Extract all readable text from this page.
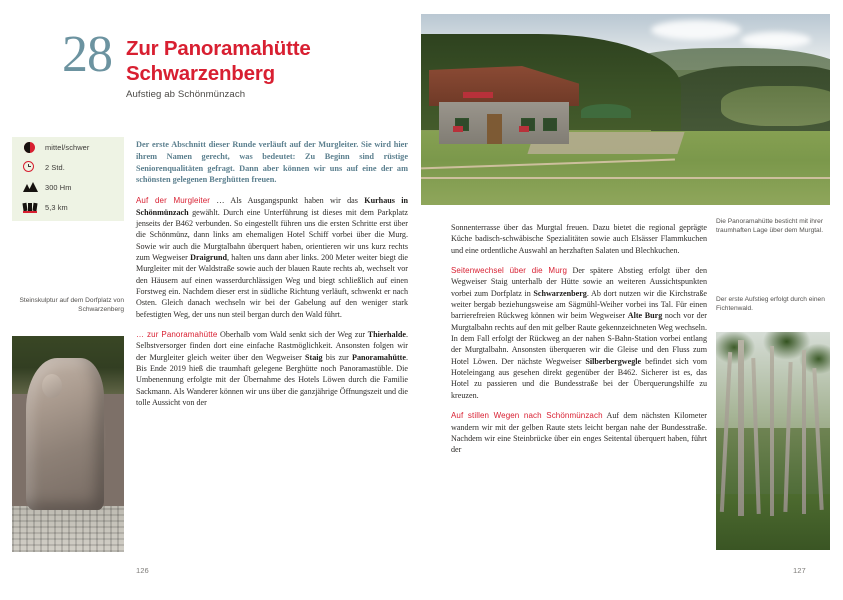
28 Zur Panoramahütte
Schwarzenberg
Aufstieg ab Schönmünzach
mittel/schwer
2 Std.
300 Hm
5,3 km
Steinskulptur auf dem Dorfplatz von Schwarzenberg

Der erste Abschnitt dieser Runde verläuft auf der Murgleiter. Sie wird hier ihrem Namen gerecht, was bedeutet: Zu Beginn sind rüstige Seniorenqualitäten gefragt. Dann aber können wir uns auf eine der am schönsten gelegenen Berghütten freuen.

Auf der Murgleiter … Als Ausgangspunkt haben wir das Kurhaus in Schönmünzach gewählt. Durch eine Unterführung ist dieses mit dem Parkplatz jenseits der B462 verbunden. So eingestellt führen uns die ersten Schritte erst über die Schönmünz, dann links am ehemaligen Hotel Schiff vorbei über die Murg. Sowie wir auch die Murgtalbahn überquert haben, orientieren wir uns kurz rechts zum Wegweiser Draigrund, halten uns dann aber links. 200 Meter weiter biegt die Murgleiter mit der Waldstraße sowie auch der blauen Raute rechts ab, wechselt vor den Häusern auf einen wasserdurchlässigen Weg und biegt schließlich auf einen Forstweg ein. Nachdem dieser erst in südliche Richtung verläuft, schwenkt er nach Osten. Gleich danach wechseln wir bei der Gabelung auf den weniger stark befestigten Weg, der uns nun steil bergan durch den Wald führt.

… zur Panoramahütte Oberhalb vom Wald senkt sich der Weg zur Thierhalde. Selbstversorger finden dort eine einfache Rastmöglichkeit. Ansonsten folgen wir der Murgleiter gleich weiter über den Wegweiser Staig bis zur Panoramahütte. Bis Ende 2019 hieß die traumhaft gelegene Berghütte noch Panoramastüble. Die Umbenennung erfolgte mit der Übernahme des Hotels Löwen durch die Familie Sackmann. Als Wanderer können wir uns über die ganzjährige Öffnungszeit und die tolle Aussicht von der

126
Die Panoramahütte besticht mit ihrer traumhaften Lage über dem Murgtal.
Der erste Aufstieg erfolgt durch einen Fichtenwald.

Sonnenterrasse über das Murgtal freuen. Dazu bietet die regional geprägte Küche badisch-schwäbische Spezialitäten sowie auch Elsässer Flammkuchen und eine ordentliche Auswahl an herzhaften Salaten und Blechkuchen.

Seitenwechsel über die Murg Der spätere Abstieg erfolgt über den Wegweiser Staig unterhalb der Hütte sowie an weiteren Aussichtspunkten vorbei zum Dorfplatz in Schwarzenberg. Ab dort nutzen wir die Kirchstraße weiter bergab beziehungsweise am Sägmühl-Weiher vorbei ins Tal. Für einen barrierefreien Rückweg können wir beim Wegweiser Alte Burg noch vor der Murgtalbahn rechts auf den mit gelber Raute gekennzeichneten Weg wechseln. In dem Fall erfolgt der Rückweg an der nahen S-Bahn-Station vorbei entlang der Murgtalbahn. Ansonsten überqueren wir die Gleise und den Fluss zum Hotel Löwen. Der nächste Wegweiser Silberbergwegle befindet sich vom Hoteleingang aus gesehen direkt gegenüber der B462. Sicherer ist es, das Hotel zu passieren und die Bundesstraße bei der Überquerungshilfe zu kreuzen.

Auf stillen Wegen nach Schönmünzach Auf dem nächsten Kilometer wandern wir mit der gelben Raute stets leicht bergan nahe der Bundesstraße. Nachdem wir eine Steinbrücke über ein enges Seitental überquert haben, führt der

127
